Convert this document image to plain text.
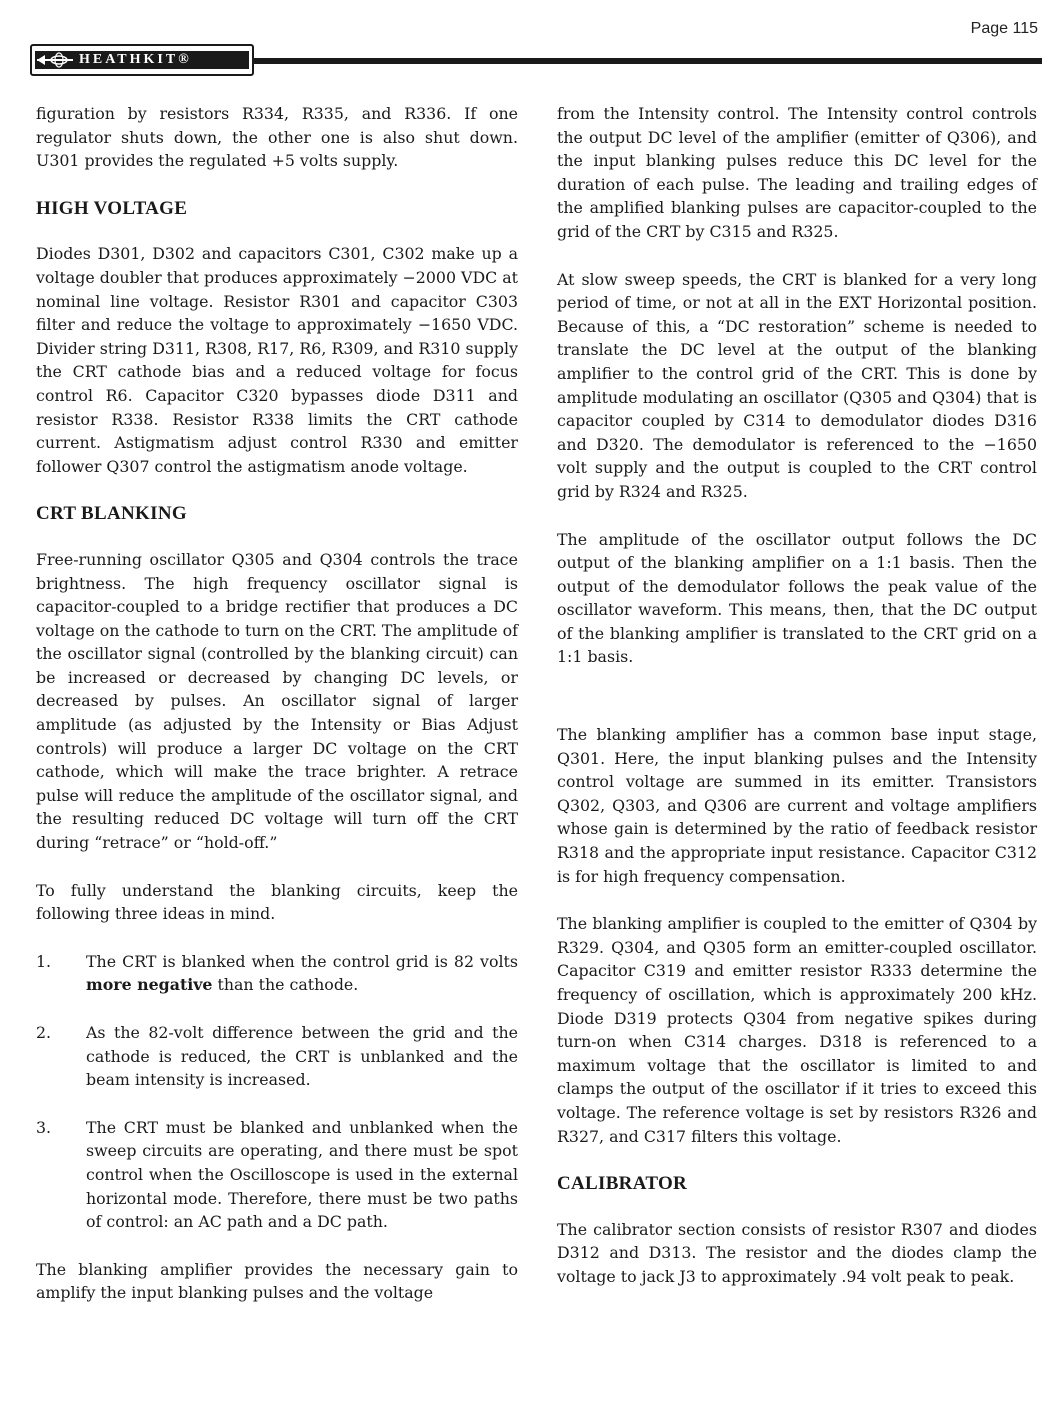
Page 115
HEATHKIT®

figuration by resistors R334, R335, and R336. If one regulator shuts down, the other one is also shut down. U301 provides the regulated +5 volts supply.

HIGH VOLTAGE

Diodes D301, D302 and capacitors C301, C302 make up a voltage doubler that produces approximately −2000 VDC at nominal line voltage. Resistor R301 and capacitor C303 filter and reduce the voltage to approximately −1650 VDC. Divider string D311, R308, R17, R6, R309, and R310 supply the CRT cathode bias and a reduced voltage for focus control R6. Capacitor C320 bypasses diode D311 and resistor R338. Resistor R338 limits the CRT cathode current. Astigmatism adjust control R330 and emitter follower Q307 control the astigmatism anode voltage.

CRT BLANKING

Free-running oscillator Q305 and Q304 controls the trace brightness. The high frequency oscillator signal is capacitor-coupled to a bridge rectifier that produces a DC voltage on the cathode to turn on the CRT. The amplitude of the oscillator signal (controlled by the blanking circuit) can be increased or decreased by changing DC levels, or decreased by pulses. An oscillator signal of larger amplitude (as adjusted by the Intensity or Bias Adjust controls) will produce a larger DC voltage on the CRT cathode, which will make the trace brighter. A retrace pulse will reduce the amplitude of the oscillator signal, and the resulting reduced DC voltage will turn off the CRT during “retrace” or “hold-off.”

To fully understand the blanking circuits, keep the following three ideas in mind.

1.	The CRT is blanked when the control grid is 82 volts more negative than the cathode.
2.	As the 82-volt difference between the grid and the cathode is reduced, the CRT is unblanked and the beam intensity is increased.
3.	The CRT must be blanked and unblanked when the sweep circuits are operating, and there must be spot control when the Oscilloscope is used in the external horizontal mode. Therefore, there must be two paths of control: an AC path and a DC path.

The blanking amplifier provides the necessary gain to amplify the input blanking pulses and the voltage

from the Intensity control. The Intensity control controls the output DC level of the amplifier (emitter of Q306), and the input blanking pulses reduce this DC level for the duration of each pulse. The leading and trailing edges of the amplified blanking pulses are capacitor-coupled to the grid of the CRT by C315 and R325.

At slow sweep speeds, the CRT is blanked for a very long period of time, or not at all in the EXT Horizontal position. Because of this, a “DC restoration” scheme is needed to translate the DC level at the output of the blanking amplifier to the control grid of the CRT. This is done by amplitude modulating an oscillator (Q305 and Q304) that is capacitor coupled by C314 to demodulator diodes D316 and D320. The demodulator is referenced to the −1650 volt supply and the output is coupled to the CRT control grid by R324 and R325.

The amplitude of the oscillator output follows the DC output of the blanking amplifier on a 1:1 basis. Then the output of the demodulator follows the peak value of the oscillator waveform. This means, then, that the DC output of the blanking amplifier is translated to the CRT grid on a 1:1 basis.

The blanking amplifier has a common base input stage, Q301. Here, the input blanking pulses and the Intensity control voltage are summed in its emitter. Transistors Q302, Q303, and Q306 are current and voltage amplifiers whose gain is determined by the ratio of feedback resistor R318 and the appropriate input resistance. Capacitor C312 is for high frequency compensation.

The blanking amplifier is coupled to the emitter of Q304 by R329. Q304, and Q305 form an emitter-coupled oscillator. Capacitor C319 and emitter resistor R333 determine the frequency of oscillation, which is approximately 200 kHz. Diode D319 protects Q304 from negative spikes during turn-on when C314 charges. D318 is referenced to a maximum voltage that the oscillator is limited to and clamps the output of the oscillator if it tries to exceed this voltage. The reference voltage is set by resistors R326 and R327, and C317 filters this voltage.

CALIBRATOR

The calibrator section consists of resistor R307 and diodes D312 and D313. The resistor and the diodes clamp the voltage to jack J3 to approximately .94 volt peak to peak.
